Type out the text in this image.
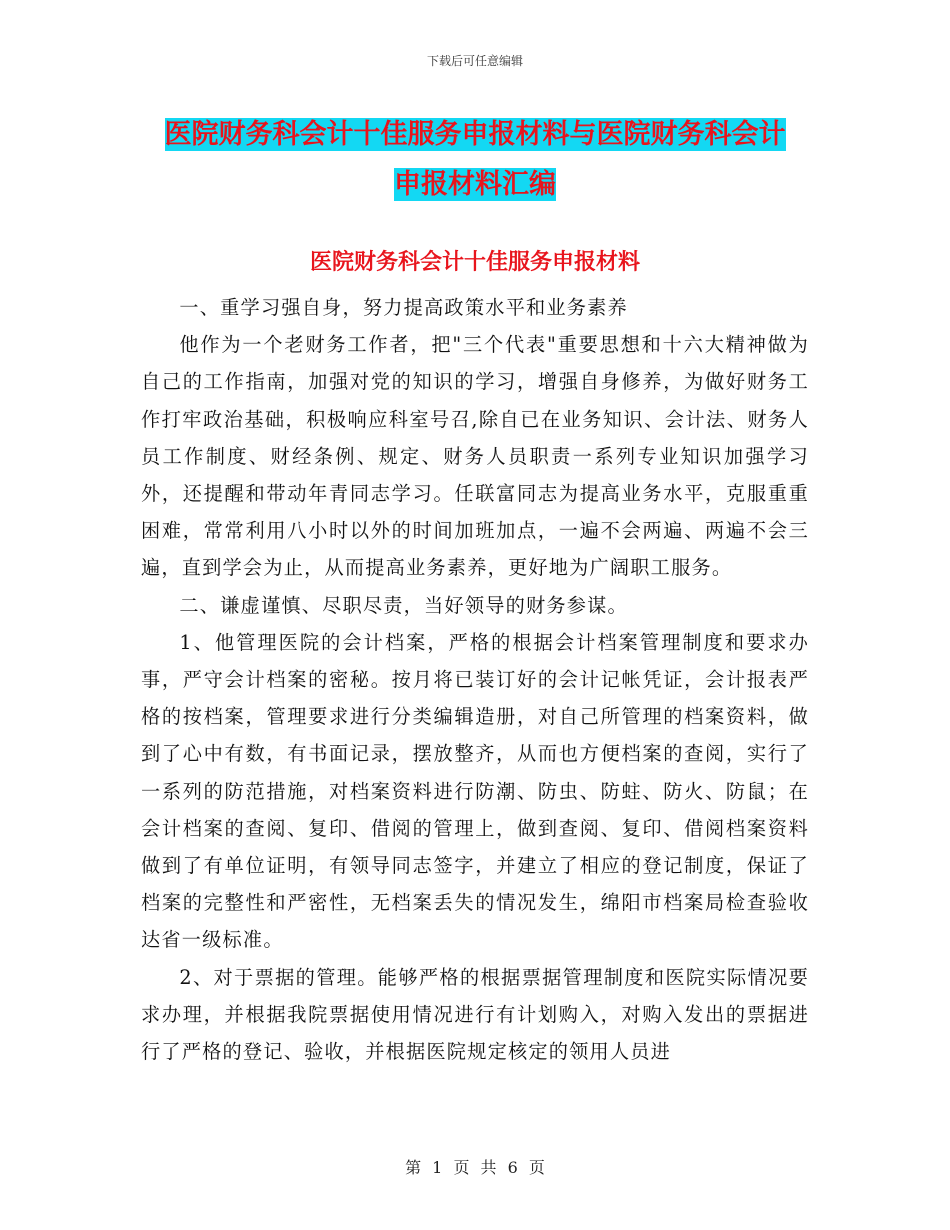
下载后可任意编辑
医院财务科会计十佳服务申报材料与医院财务科会计
申报材料汇编
医院财务科会计十佳服务申报材料

一、重学习强自身，努力提高政策水平和业务素养

他作为一个老财务工作者，把"三个代表"重要思想和十六大精神做为自己的工作指南，加强对党的知识的学习，增强自身修养，为做好财务工作打牢政治基础，积极响应科室号召,除自已在业务知识、会计法、财务人员工作制度、财经条例、规定、财务人员职责一系列专业知识加强学习外，还提醒和带动年青同志学习。任联富同志为提高业务水平，克服重重困难，常常利用八小时以外的时间加班加点，一遍不会两遍、两遍不会三遍，直到学会为止，从而提高业务素养，更好地为广阔职工服务。

二、谦虚谨慎、尽职尽责，当好领导的财务参谋。

1、他管理医院的会计档案，严格的根据会计档案管理制度和要求办事，严守会计档案的密秘。按月将已装订好的会计记帐凭证，会计报表严格的按档案，管理要求进行分类编辑造册，对自己所管理的档案资料，做到了心中有数，有书面记录，摆放整齐，从而也方便档案的查阅，实行了一系列的防范措施，对档案资料进行防潮、防虫、防蛀、防火、防鼠；在会计档案的查阅、复印、借阅的管理上，做到查阅、复印、借阅档案资料做到了有单位证明，有领导同志签字，并建立了相应的登记制度，保证了档案的完整性和严密性，无档案丢失的情况发生，绵阳市档案局检查验收达省一级标准。

2、对于票据的管理。能够严格的根据票据管理制度和医院实际情况要求办理，并根据我院票据使用情况进行有计划购入，对购入发出的票据进行了严格的登记、验收，并根据医院规定核定的领用人员进

第 1 页 共 6 页
